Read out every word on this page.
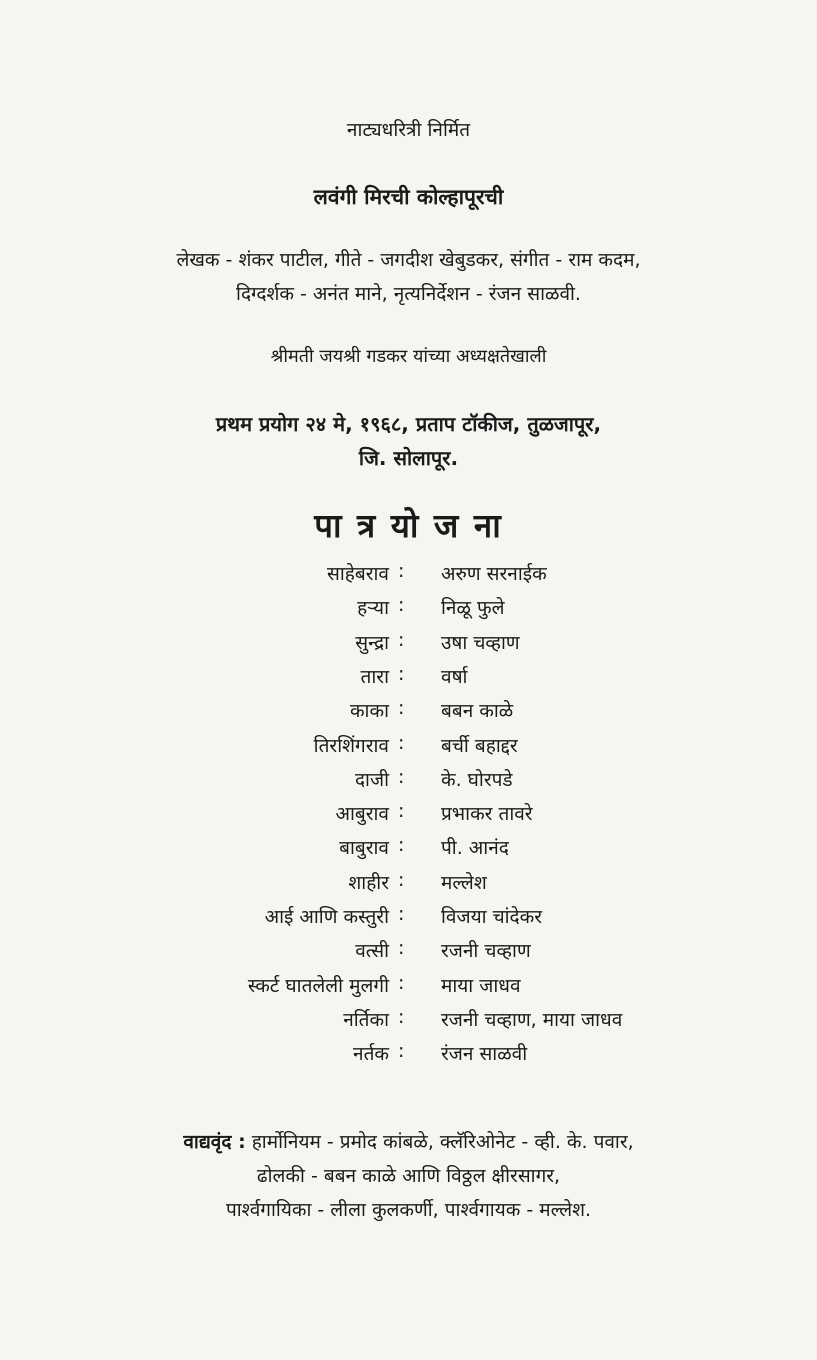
नाट्यधरित्री निर्मित
लवंगी मिरची कोल्हापूरची
लेखक - शंकर पाटील, गीते - जगदीश खेबुडकर, संगीत - राम कदम,
दिग्दर्शक - अनंत माने, नृत्यनिर्देशन - रंजन साळवी.
श्रीमती जयश्री गडकर यांच्या अध्यक्षतेखाली
प्रथम प्रयोग २४ मे, १९६८, प्रताप टॉकीज, तुळजापूर,
जि. सोलापूर.
पा त्र यो ज ना
साहेबराव : अरुण सरनाईक
हऱ्या : निळू फुले
सुन्द्रा : उषा चव्हाण
तारा : वर्षा
काका : बबन काळे
तिरशिंगराव : बर्ची बहाद्दर
दाजी : के. घोरपडे
आबुराव : प्रभाकर तावरे
बाबुराव : पी. आनंद
शाहीर : मल्लेश
आई आणि कस्तुरी : विजया चांदेकर
वत्सी : रजनी चव्हाण
स्कर्ट घातलेली मुलगी : माया जाधव
नर्तिका : रजनी चव्हाण, माया जाधव
नर्तक : रंजन साळवी
वाद्यवृंद : हार्मोनियम - प्रमोद कांबळे, क्लॅरिओनेट - व्ही. के. पवार,
ढोलकी - बबन काळे आणि विठ्ठल क्षीरसागर,
पार्श्वगायिका - लीला कुलकर्णी, पार्श्वगायक - मल्लेश.
